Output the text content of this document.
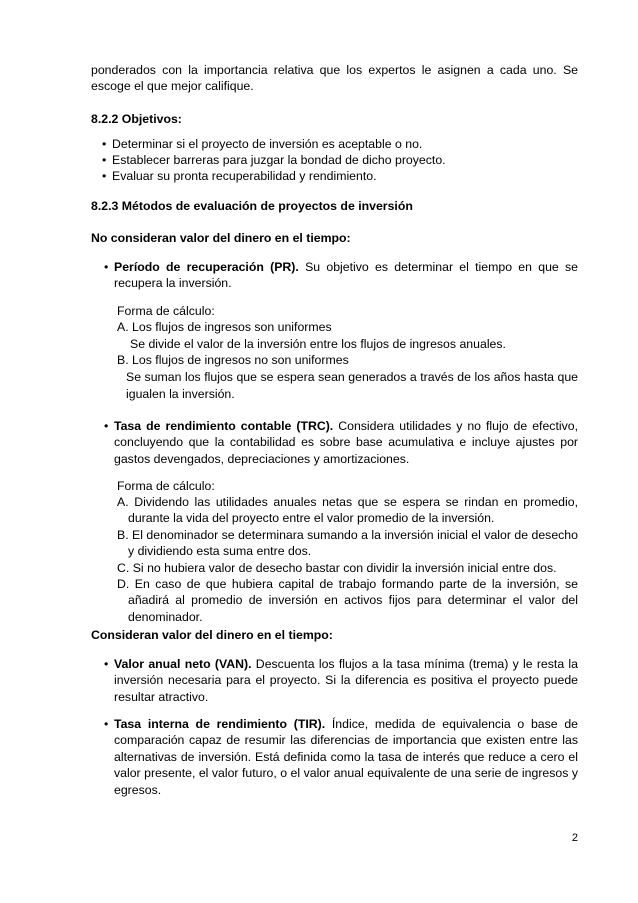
ponderados con la importancia relativa que los expertos le asignen a cada uno. Se escoge el que mejor califique.
8.2.2 Objetivos:
• Determinar si el proyecto de inversión es aceptable o no.
• Establecer barreras para juzgar la bondad de dicho proyecto.
• Evaluar su pronta recuperabilidad y rendimiento.
8.2.3 Métodos de evaluación de proyectos de inversión
No consideran valor del dinero en el tiempo:
• Período de recuperación (PR). Su objetivo es determinar el tiempo en que se recupera la inversión.
Forma de cálculo:
A. Los flujos de ingresos son uniformes
Se divide el valor de la inversión entre los flujos de ingresos anuales.
B. Los flujos de ingresos no son uniformes
Se suman los flujos que se espera sean generados a través de los años hasta que igualen la inversión.
• Tasa de rendimiento contable (TRC). Considera utilidades y no flujo de efectivo, concluyendo que la contabilidad es sobre base acumulativa e incluye ajustes por gastos devengados, depreciaciones y amortizaciones.
Forma de cálculo:
A. Dividendo las utilidades anuales netas que se espera se rindan en promedio, durante la vida del proyecto entre el valor promedio de la inversión.
B. El denominador se determinara sumando a la inversión inicial el valor de desecho y dividiendo esta suma entre dos.
C. Si no hubiera valor de desecho bastar con dividir la inversión inicial entre dos.
D. En caso de que hubiera capital de trabajo formando parte de la inversión, se añadirá al promedio de inversión en activos fijos para determinar el valor del denominador.
Consideran valor del dinero en el tiempo:
• Valor anual neto (VAN). Descuenta los flujos a la tasa mínima (trema) y le resta la inversión necesaria para el proyecto. Si la diferencia es positiva el proyecto puede resultar atractivo.
• Tasa interna de rendimiento (TIR). Índice, medida de equivalencia o base de comparación capaz de resumir las diferencias de importancia que existen entre las alternativas de inversión. Está definida como la tasa de interés que reduce a cero el valor presente, el valor futuro, o el valor anual equivalente de una serie de ingresos y egresos.
2
